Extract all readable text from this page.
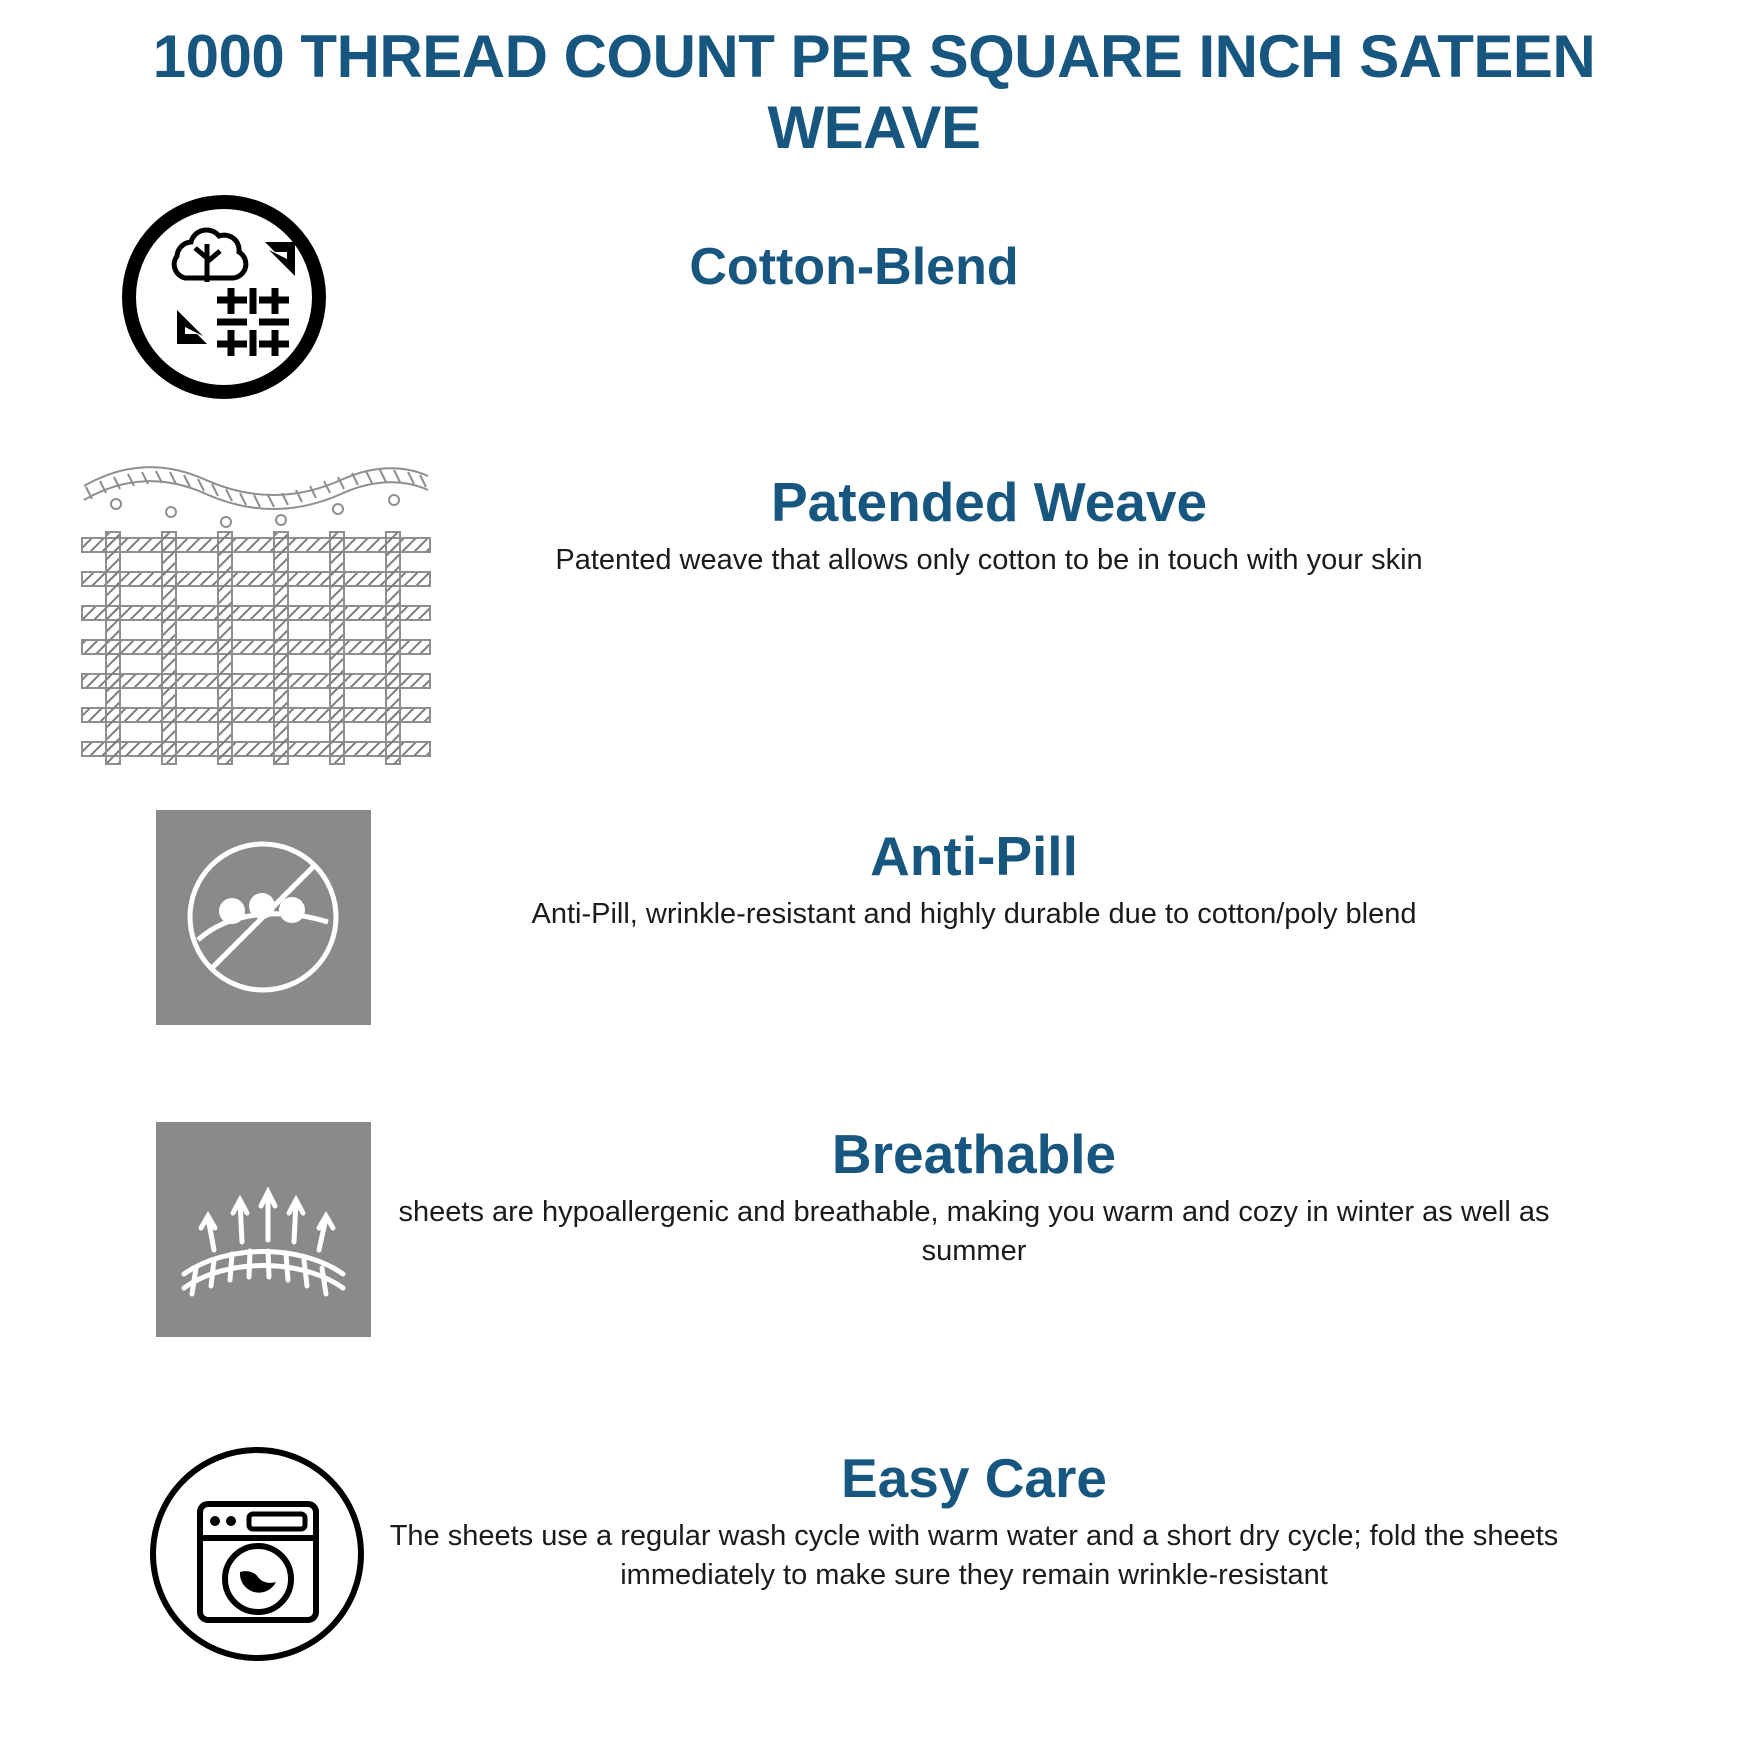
1000 THREAD COUNT PER SQUARE INCH SATEEN WEAVE
Cotton-Blend
Patended Weave
Patented weave that allows only cotton to be in touch with your skin
Anti-Pill
Anti-Pill, wrinkle-resistant and highly durable due to cotton/poly blend
Breathable
sheets are hypoallergenic and breathable, making you warm and cozy in winter as well as summer
Easy Care
The sheets use a regular wash cycle with warm water and a short dry cycle; fold the sheets immediately to make sure they remain wrinkle-resistant
